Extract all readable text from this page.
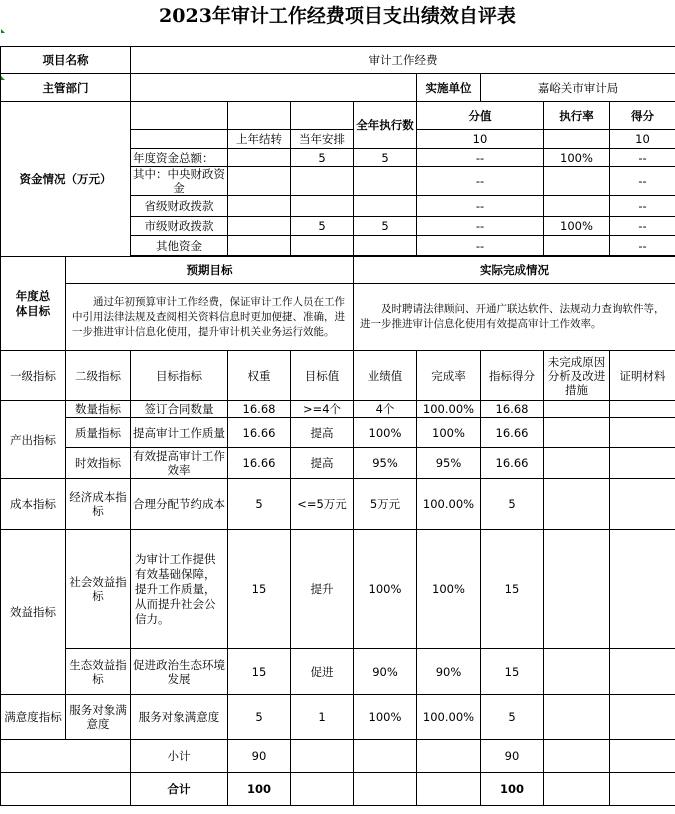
2023年审计工作经费项目支出绩效自评表
项目名称		审计工作经费							
主管部门						实施单位	嘉峪关市审计局		
资金情况（万元）					全年执行数	分值		执行率	得分
			上年结转	当年安排		10			10
		年度资金总额：		5	5	--		100%	--
		其中：中央财政资金				--			--
		省级财政拨款				--			--
		市级财政拨款		5	5	--		100%	--
		其他资金				--			--

年度总体目标	预期目标				实际完成情况				
	通过年初预算审计工作经费，保证审计工作人员在工作中引用法律法规及查阅相关资料信息时更加便捷、准确，进一步推进审计信息化使用，提升审计机关业务运行效能。				及时聘请法律顾问、开通广联达软件、法规动力查询软件等，进一步推进审计信息化使用有效提高审计工作效率。				
一级指标	二级指标	目标指标	权重	目标值	业绩值	完成率	指标得分	未完成原因分析及改进措施	证明材料
产出指标	数量指标	签订合同数量	16.68	>=4个	4个	100.00%	16.68		
	质量指标	提高审计工作质量	16.66	提高	100%	100%	16.66		
	时效指标	有效提高审计工作效率	16.66	提高	95%	95%	16.66		
成本指标	经济成本指标	合理分配节约成本	5	<=5万元	5万元	100.00%	5		
效益指标	社会效益指标	为审计工作提供有效基础保障，提升工作质量，从而提升社会公信力。	15	提升	100%	100%	15		
	生态效益指标	促进政治生态环境发展	15	促进	90%	90%	15		
满意度指标	服务对象满意度	服务对象满意度	5	1	100%	100.00%	5		
		小计	90				90		
		合计	100				100		
